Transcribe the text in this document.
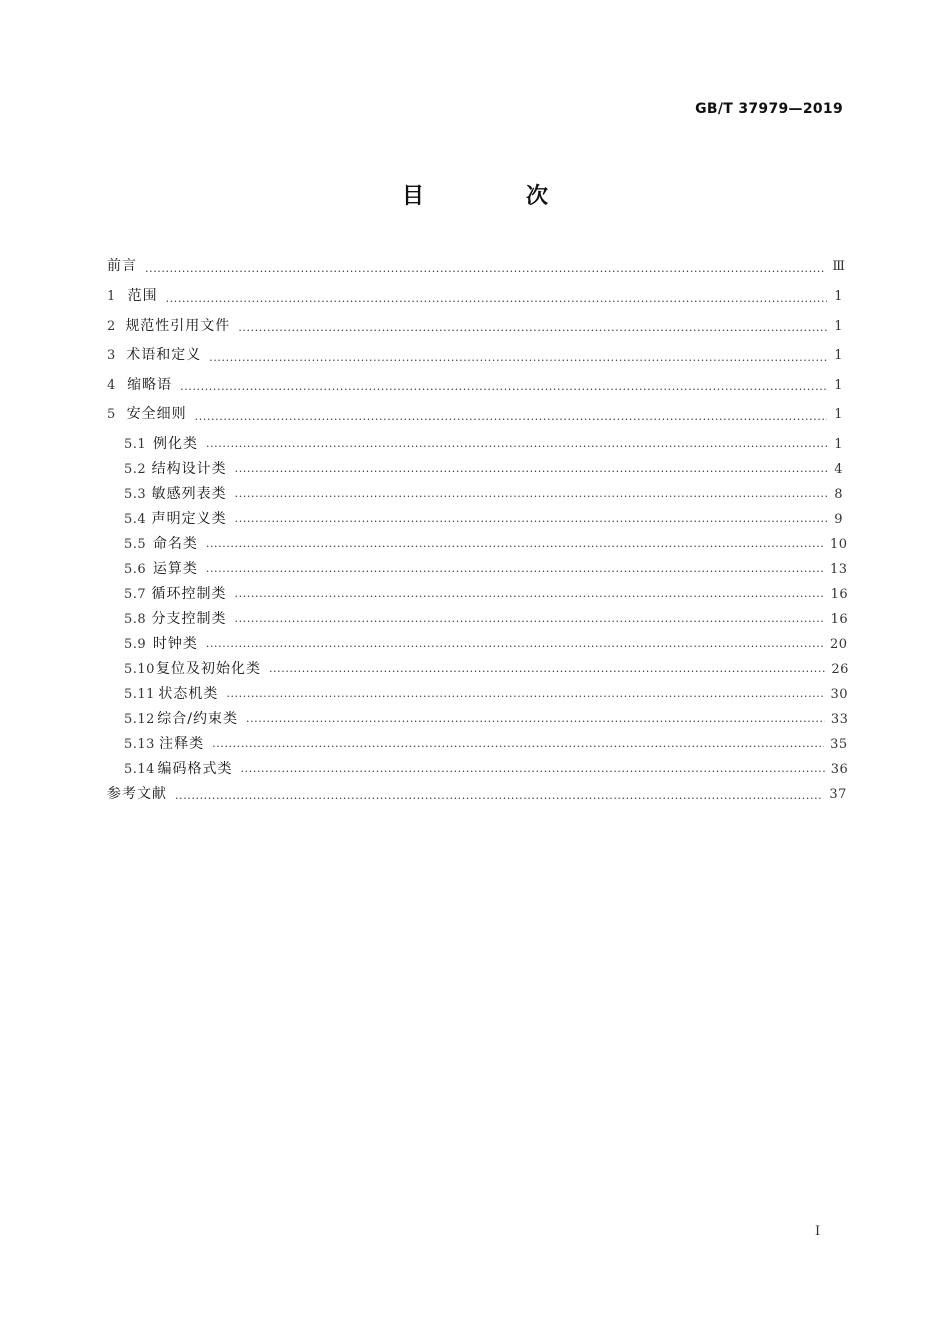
GB/T 37979—2019
目　次
前言 ·····	Ⅲ
1 范围 ·····	1
2 规范性引用文件 ·····	1
3 术语和定义 ·····	1
4 缩略语 ·····	1
5 安全细则 ·····	1
5.1 例化类 ·····	1
5.2 结构设计类 ·····	4
5.3 敏感列表类 ·····	8
5.4 声明定义类 ·····	9
5.5 命名类 ·····	10
5.6 运算类 ·····	13
5.7 循环控制类 ·····	16
5.8 分支控制类 ·····	16
5.9 时钟类 ·····	20
5.10 复位及初始化类 ·····	26
5.11 状态机类 ·····	30
5.12 综合/约束类 ·····	33
5.13 注释类 ·····	35
5.14 编码格式类 ·····	36
参考文献 ·····	37
Ⅰ
